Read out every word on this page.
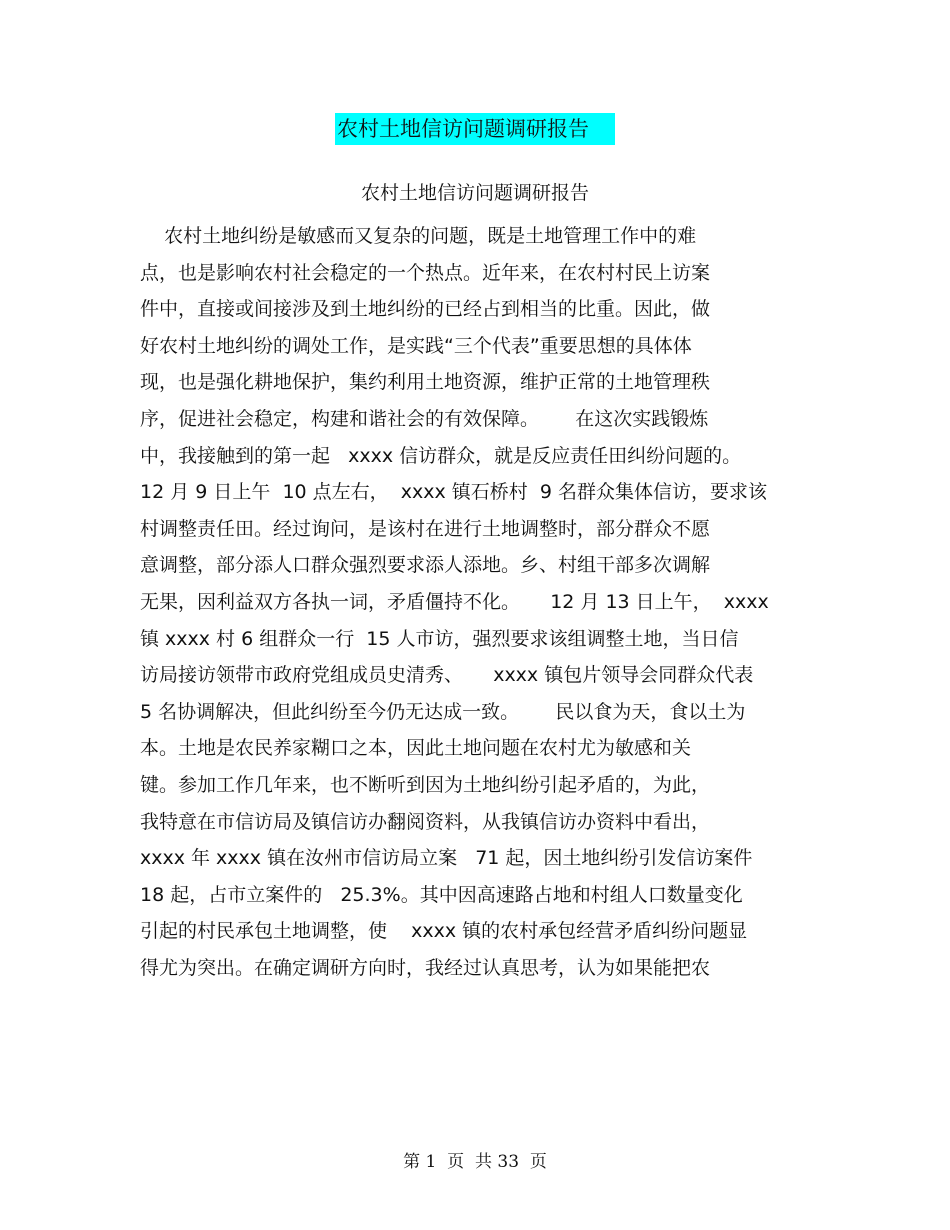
农村土地信访问题调研报告
农村土地信访问题调研报告
农村土地纠纷是敏感而又复杂的问题，既是土地管理工作中的难
点，也是影响农村社会稳定的一个热点。近年来，在农村村民上访案
件中，直接或间接涉及到土地纠纷的已经占到相当的比重。因此，做
好农村土地纠纷的调处工作，是实践“三个代表”重要思想的具体体
现，也是强化耕地保护，集约利用土地资源，维护正常的土地管理秩
序，促进社会稳定，构建和谐社会的有效保障。      在这次实践锻炼
中，我接触到的第一起   xxxx 信访群众，就是反应责任田纠纷问题的。
12 月 9 日上午  10 点左右，  xxxx 镇石桥村  9 名群众集体信访，要求该
村调整责任田。经过询问，是该村在进行土地调整时，部分群众不愿
意调整，部分添人口群众强烈要求添人添地。乡、村组干部多次调解
无果，因利益双方各执一词，矛盾僵持不化。     12 月 13 日上午，  xxxx
镇 xxxx 村 6 组群众一行  15 人市访，强烈要求该组调整土地，当日信
访局接访领带市政府党组成员史清秀、     xxxx 镇包片领导会同群众代表
5 名协调解决，但此纠纷至今仍无达成一致。      民以食为天，食以土为
本。土地是农民养家糊口之本，因此土地问题在农村尤为敏感和关
键。参加工作几年来，也不断听到因为土地纠纷引起矛盾的，为此，
我特意在市信访局及镇信访办翻阅资料，从我镇信访办资料中看出，
xxxx 年 xxxx 镇在汝州市信访局立案   71 起，因土地纠纷引发信访案件
18 起，占市立案件的   25.3%。其中因高速路占地和村组人口数量变化
引起的村民承包土地调整，使    xxxx 镇的农村承包经营矛盾纠纷问题显
得尤为突出。在确定调研方向时，我经过认真思考，认为如果能把农
第 1  页  共 33  页
